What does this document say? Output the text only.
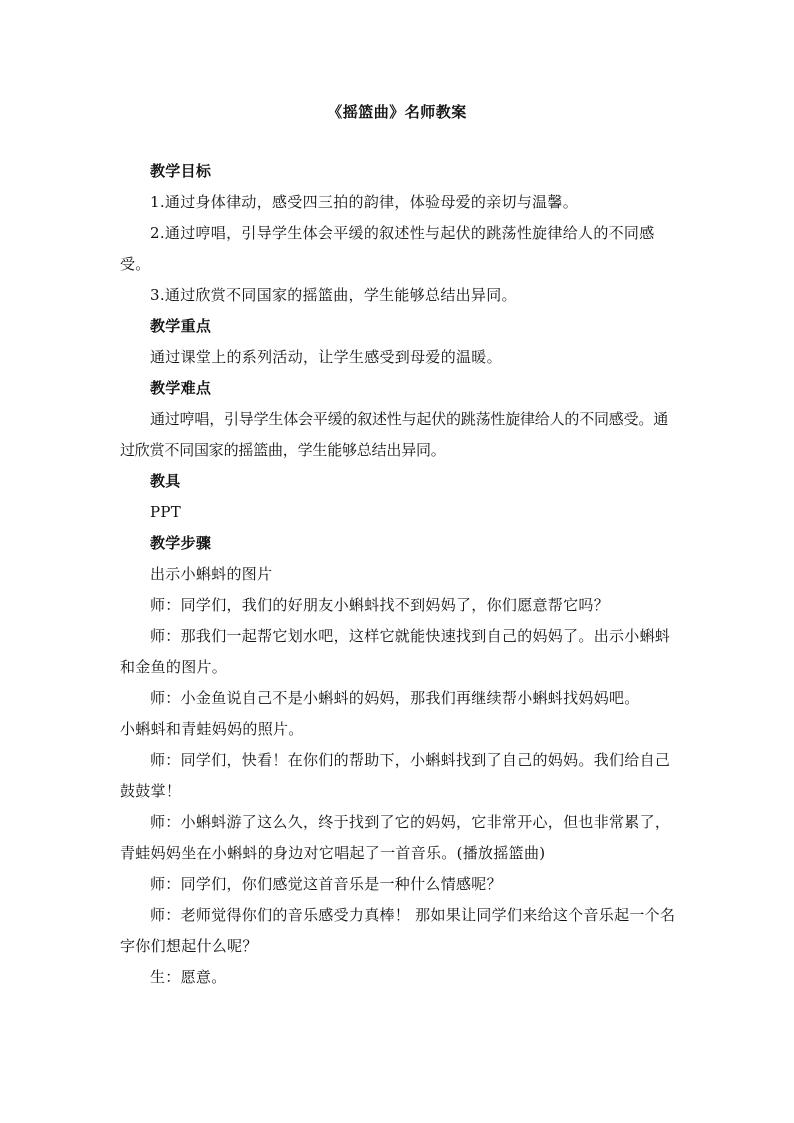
《摇篮曲》名师教案

教学目标

1.通过身体律动，感受四三拍的韵律，体验母爱的亲切与温馨。

2.通过哼唱，引导学生体会平缓的叙述性与起伏的跳荡性旋律给人的不同感受。

3.通过欣赏不同国家的摇篮曲，学生能够总结出异同。

教学重点

通过课堂上的系列活动，让学生感受到母爱的温暖。

教学难点

通过哼唱，引导学生体会平缓的叙述性与起伏的跳荡性旋律给人的不同感受。通过欣赏不同国家的摇篮曲，学生能够总结出异同。

教具

PPT

教学步骤

出示小蝌蚪的图片

师：同学们，我们的好朋友小蝌蚪找不到妈妈了，你们愿意帮它吗？

师：那我们一起帮它划水吧，这样它就能快速找到自己的妈妈了。出示小蝌蚪和金鱼的图片。

师：小金鱼说自己不是小蝌蚪的妈妈，那我们再继续帮小蝌蚪找妈妈吧。

小蝌蚪和青蛙妈妈的照片。

师：同学们，快看！在你们的帮助下，小蝌蚪找到了自己的妈妈。我们给自己鼓鼓掌！

师：小蝌蚪游了这么久，终于找到了它的妈妈，它非常开心，但也非常累了，青蛙妈妈坐在小蝌蚪的身边对它唱起了一首音乐。(播放摇篮曲)

师：同学们，你们感觉这首音乐是一种什么情感呢？

师：老师觉得你们的音乐感受力真棒！ 那如果让同学们来给这个音乐起一个名字你们想起什么呢？

生：愿意。
